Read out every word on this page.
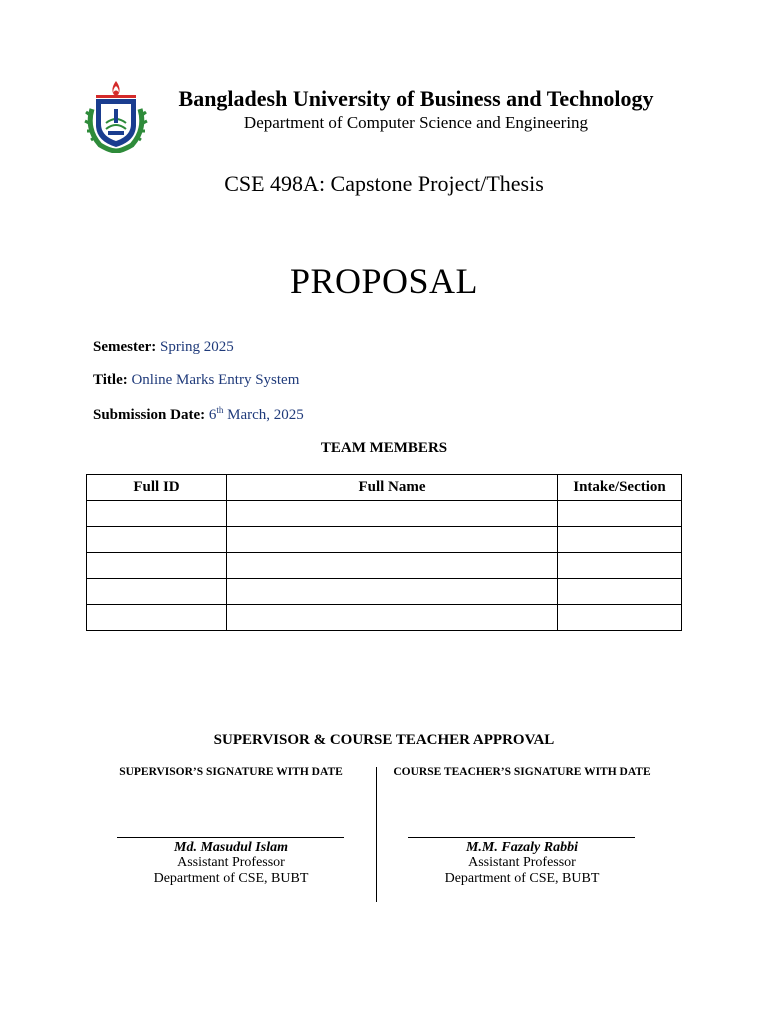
Bangladesh University of Business and Technology
Department of Computer Science and Engineering
CSE 498A: Capstone Project/Thesis
PROPOSAL
Semester: Spring 2025
Title: Online Marks Entry System
Submission Date: 6th March, 2025
TEAM MEMBERS
Full ID	Full Name	Intake/Section

SUPERVISOR & COURSE TEACHER APPROVAL
SUPERVISOR’S SIGNATURE WITH DATE
Md. Masudul Islam
Assistant Professor
Department of CSE, BUBT
COURSE TEACHER’S SIGNATURE WITH DATE
M.M. Fazaly Rabbi
Assistant Professor
Department of CSE, BUBT
